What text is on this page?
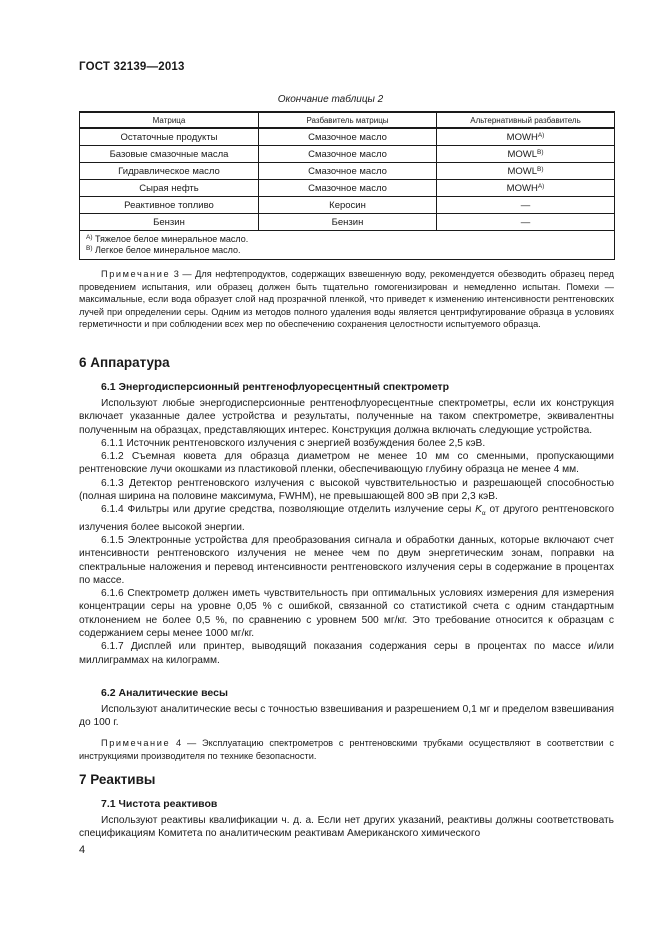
ГОСТ 32139—2013
Окончание таблицы 2
Матрица	Разбавитель матрицы	Альтернативный разбавитель
Остаточные продукты	Смазочное масло	$MOWH^{A)}$
Базовые смазочные масла	Смазочное масло	$MOWL^{B)}$
Гидравлическое масло	Смазочное масло	$MOWL^{B)}$
Сырая нефть	Смазочное масло	$MOWH^{A)}$
Реактивное топливо	Керосин	—
Бензин	Бензин	—

$^{A)}$ Тяжелое белое минеральное масло.
$^{B)}$ Легкое белое минеральное масло.		
Примечание 3 — Для нефтепродуктов, содержащих взвешенную воду, рекомендуется обезводить образец перед проведением испытания, или образец должен быть тщательно гомогенизирован и немедленно испытан. Помехи — максимальные, если вода образует слой над прозрачной пленкой, что приведет к изменению интенсивности рентгеновских лучей при определении серы. Одним из методов полного удаления воды является центрифугирование образца в условиях герметичности и при соблюдении всех мер по обеспечению сохранения целостности испытуемого образца.
6 Аппаратура
6.1 Энергодисперсионный рентгенофлуоресцентный спектрометр

Используют любые энергодисперсионные рентгенофлуоресцентные спектрометры, если их конструкция включает указанные далее устройства и результаты, полученные на таком спектрометре, эквивалентны полученным на образцах, представляющих интерес. Конструкция должна включать следующие устройства.

6.1.1 Источник рентгеновского излучения с энергией возбуждения более 2,5 кэВ.

6.1.2 Съемная кювета для образца диаметром не менее 10 мм со сменными, пропускающими рентгеновские лучи окошками из пластиковой пленки, обеспечивающую глубину образца не менее 4 мм.

6.1.3 Детектор рентгеновского излучения с высокой чувствительностью и разрешающей способностью (полная ширина на половине максимума, FWHM), не превышающей 800 эВ при 2,3 кэВ.

6.1.4 Фильтры или другие средства, позволяющие отделить излучение серы $K_\alpha$ от другого рентгеновского излучения более высокой энергии.

6.1.5 Электронные устройства для преобразования сигнала и обработки данных, которые включают счет интенсивности рентгеновского излучения не менее чем по двум энергетическим зонам, поправки на спектральные наложения и перевод интенсивности рентгеновского излучения серы в содержание в процентах по массе.

6.1.6 Спектрометр должен иметь чувствительность при оптимальных условиях измерения для измерения концентрации серы на уровне 0,05 % с ошибкой, связанной со статистикой счета с одним стандартным отклонением не более 0,5 %, по сравнению с уровнем 500 мг/кг. Это требование относится к образцам с содержанием серы менее 1000 мг/кг.

6.1.7 Дисплей или принтер, выводящий показания содержания серы в процентах по массе и/или миллиграммах на килограмм.

6.2 Аналитические весы
Используют аналитические весы с точностью взвешивания и разрешением 0,1 мг и пределом взвешивания до 100 г.
Примечание 4 — Эксплуатацию спектрометров с рентгеновскими трубками осуществляют в соответствии с инструкциями производителя по технике безопасности.
7 Реактивы
7.1 Чистота реактивов
Используют реактивы квалификации ч. д. а. Если нет других указаний, реактивы должны соответствовать спецификациям Комитета по аналитическим реактивам Американского химического
4
